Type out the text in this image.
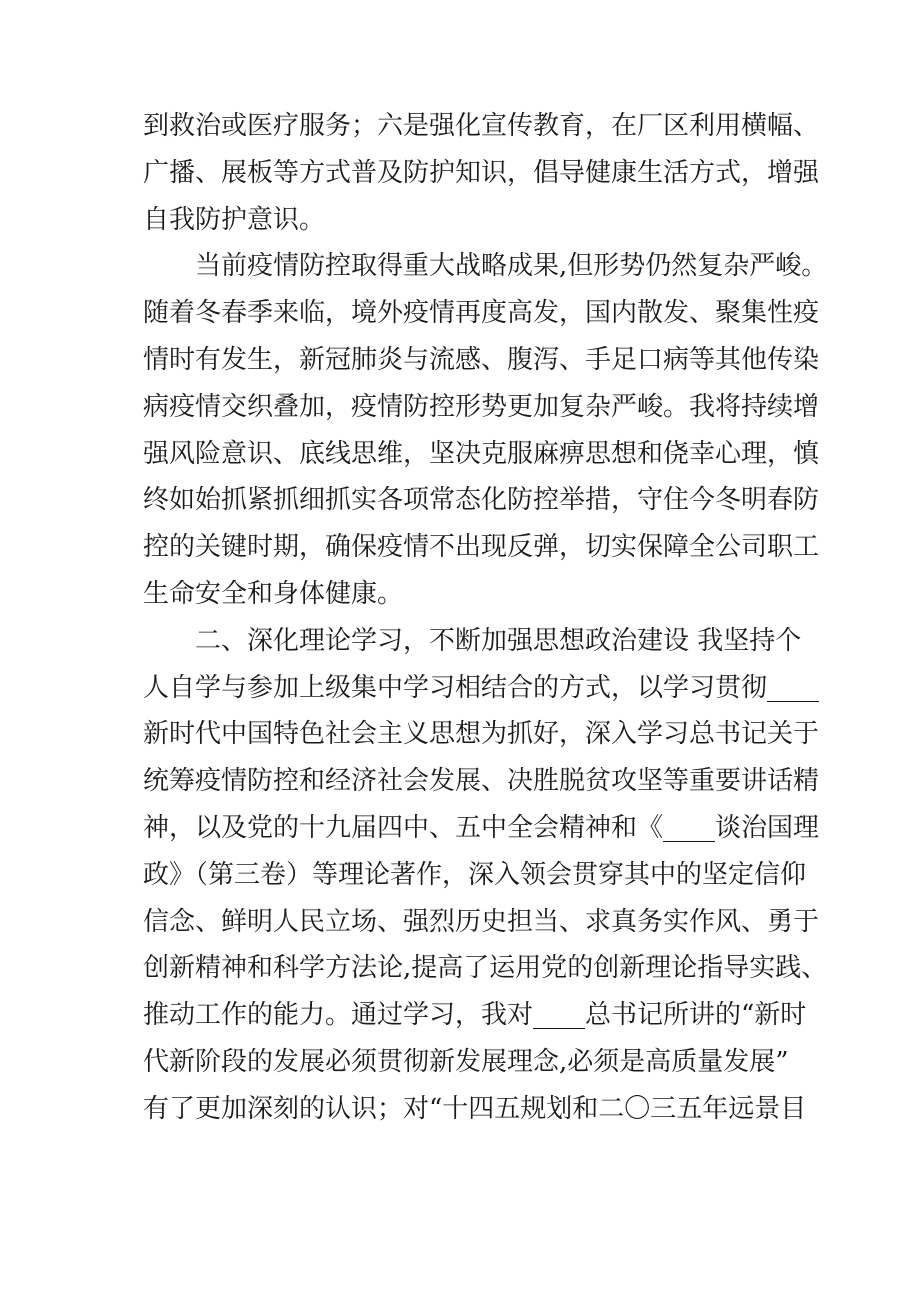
到救治或医疗服务；六是强化宣传教育，在厂区利用横幅、
广播、展板等方式普及防护知识，倡导健康生活方式，增强
自我防护意识。
当前疫情防控取得重大战略成果,但形势仍然复杂严峻。
随着冬春季来临，境外疫情再度高发，国内散发、聚集性疫
情时有发生，新冠肺炎与流感、腹泻、手足口病等其他传染
病疫情交织叠加，疫情防控形势更加复杂严峻。我将持续增
强风险意识、底线思维，坚决克服麻痹思想和侥幸心理，慎
终如始抓紧抓细抓实各项常态化防控举措，守住今冬明春防
控的关键时期，确保疫情不出现反弹，切实保障全公司职工
生命安全和身体健康。
二、深化理论学习，不断加强思想政治建设 我坚持个
人自学与参加上级集中学习相结合的方式，以学习贯彻____
新时代中国特色社会主义思想为抓好，深入学习总书记关于
统筹疫情防控和经济社会发展、决胜脱贫攻坚等重要讲话精
神，以及党的十九届四中、五中全会精神和《____谈治国理
政》（第三卷）等理论著作，深入领会贯穿其中的坚定信仰
信念、鲜明人民立场、强烈历史担当、求真务实作风、勇于
创新精神和科学方法论,提高了运用党的创新理论指导实践、
推动工作的能力。通过学习，我对____总书记所讲的“新时
代新阶段的发展必须贯彻新发展理念,必须是高质量发展”
有了更加深刻的认识；对“十四五规划和二〇三五年远景目
